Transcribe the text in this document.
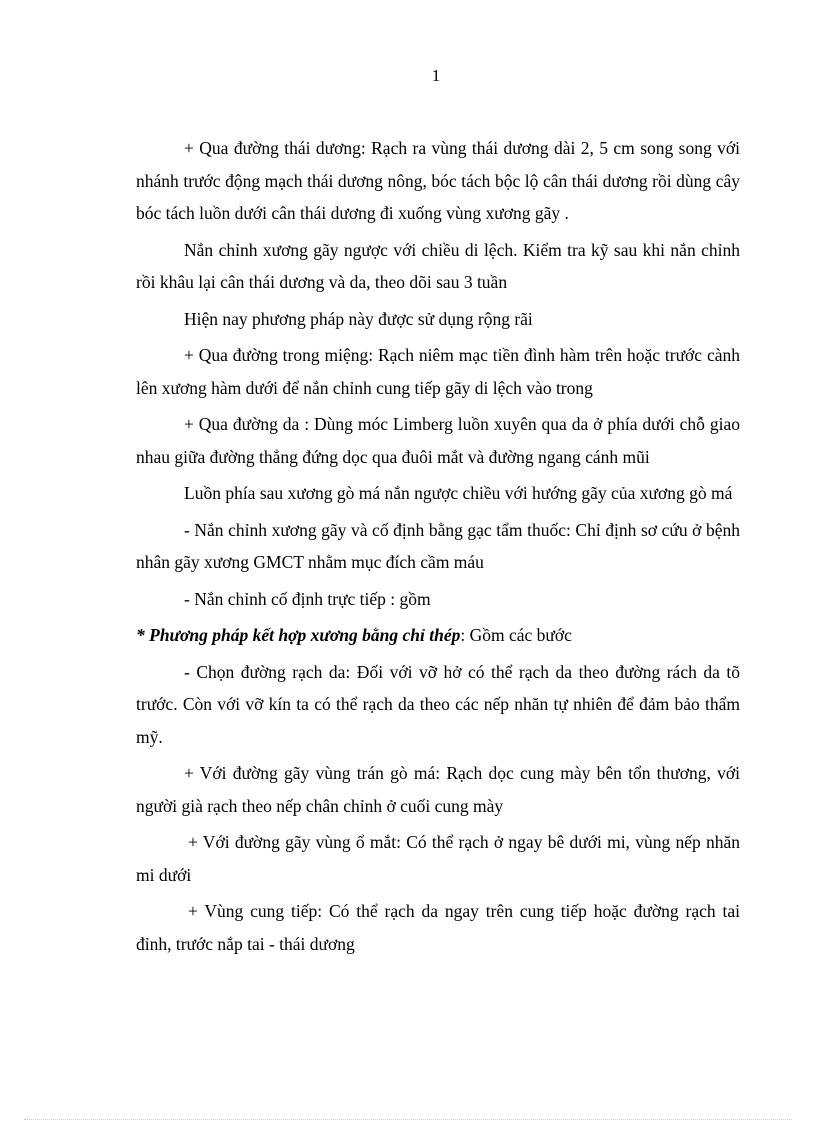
1

+ Qua đường thái dương: Rạch ra vùng thái dương dài 2, 5 cm song song với nhánh trước động mạch thái dương nông, bóc tách bộc lộ cân thái dương rồi dùng cây bóc tách luồn dưới cân thái dương đi xuống vùng xương gãy .

Nắn chỉnh xương gãy ngược với chiều di lệch. Kiểm tra kỹ sau khi nắn chỉnh rồi khâu lại cân thái dương và da, theo dõi sau 3 tuần

Hiện nay phương pháp này được sử dụng rộng rãi

+ Qua đường trong miệng: Rạch niêm mạc tiền đình hàm trên hoặc trước cành lên xương hàm dưới để nắn chỉnh cung tiếp gãy di lệch vào trong

+ Qua đường da : Dùng móc Limberg luồn xuyên qua da ở phía dưới chỗ giao nhau giữa đường thẳng đứng dọc qua đuôi mắt và đường ngang cánh mũi

Luồn phía sau xương gò má nắn ngược chiều với hướng gãy của xương gò má

- Nắn chỉnh xương gãy và cố định bằng gạc tẩm thuốc: Chỉ định sơ cứu ở bệnh nhân gãy xương GMCT nhằm mục đích cầm máu

- Nắn chỉnh cố định trực tiếp : gồm

* Phương pháp kết hợp xương bằng chỉ thép: Gồm các bước

- Chọn đường rạch da: Đối với vỡ hở có thể rạch da theo đường rách da tõ trước. Còn với vỡ kín ta có thể rạch da theo các nếp nhăn tự nhiên để đảm bảo thẩm mỹ.

+ Với đường gãy vùng trán gò má: Rạch dọc cung mày bên tổn thương, với người già rạch theo nếp chân chỉnh ở cuối cung mày

+ Với đường gãy vùng ổ mắt: Có thể rạch ở ngay bê dưới mi, vùng nếp nhăn mi dưới

+ Vùng cung tiếp: Có thể rạch da ngay trên cung tiếp hoặc đường rạch tai đỉnh, trước nắp tai - thái dương
